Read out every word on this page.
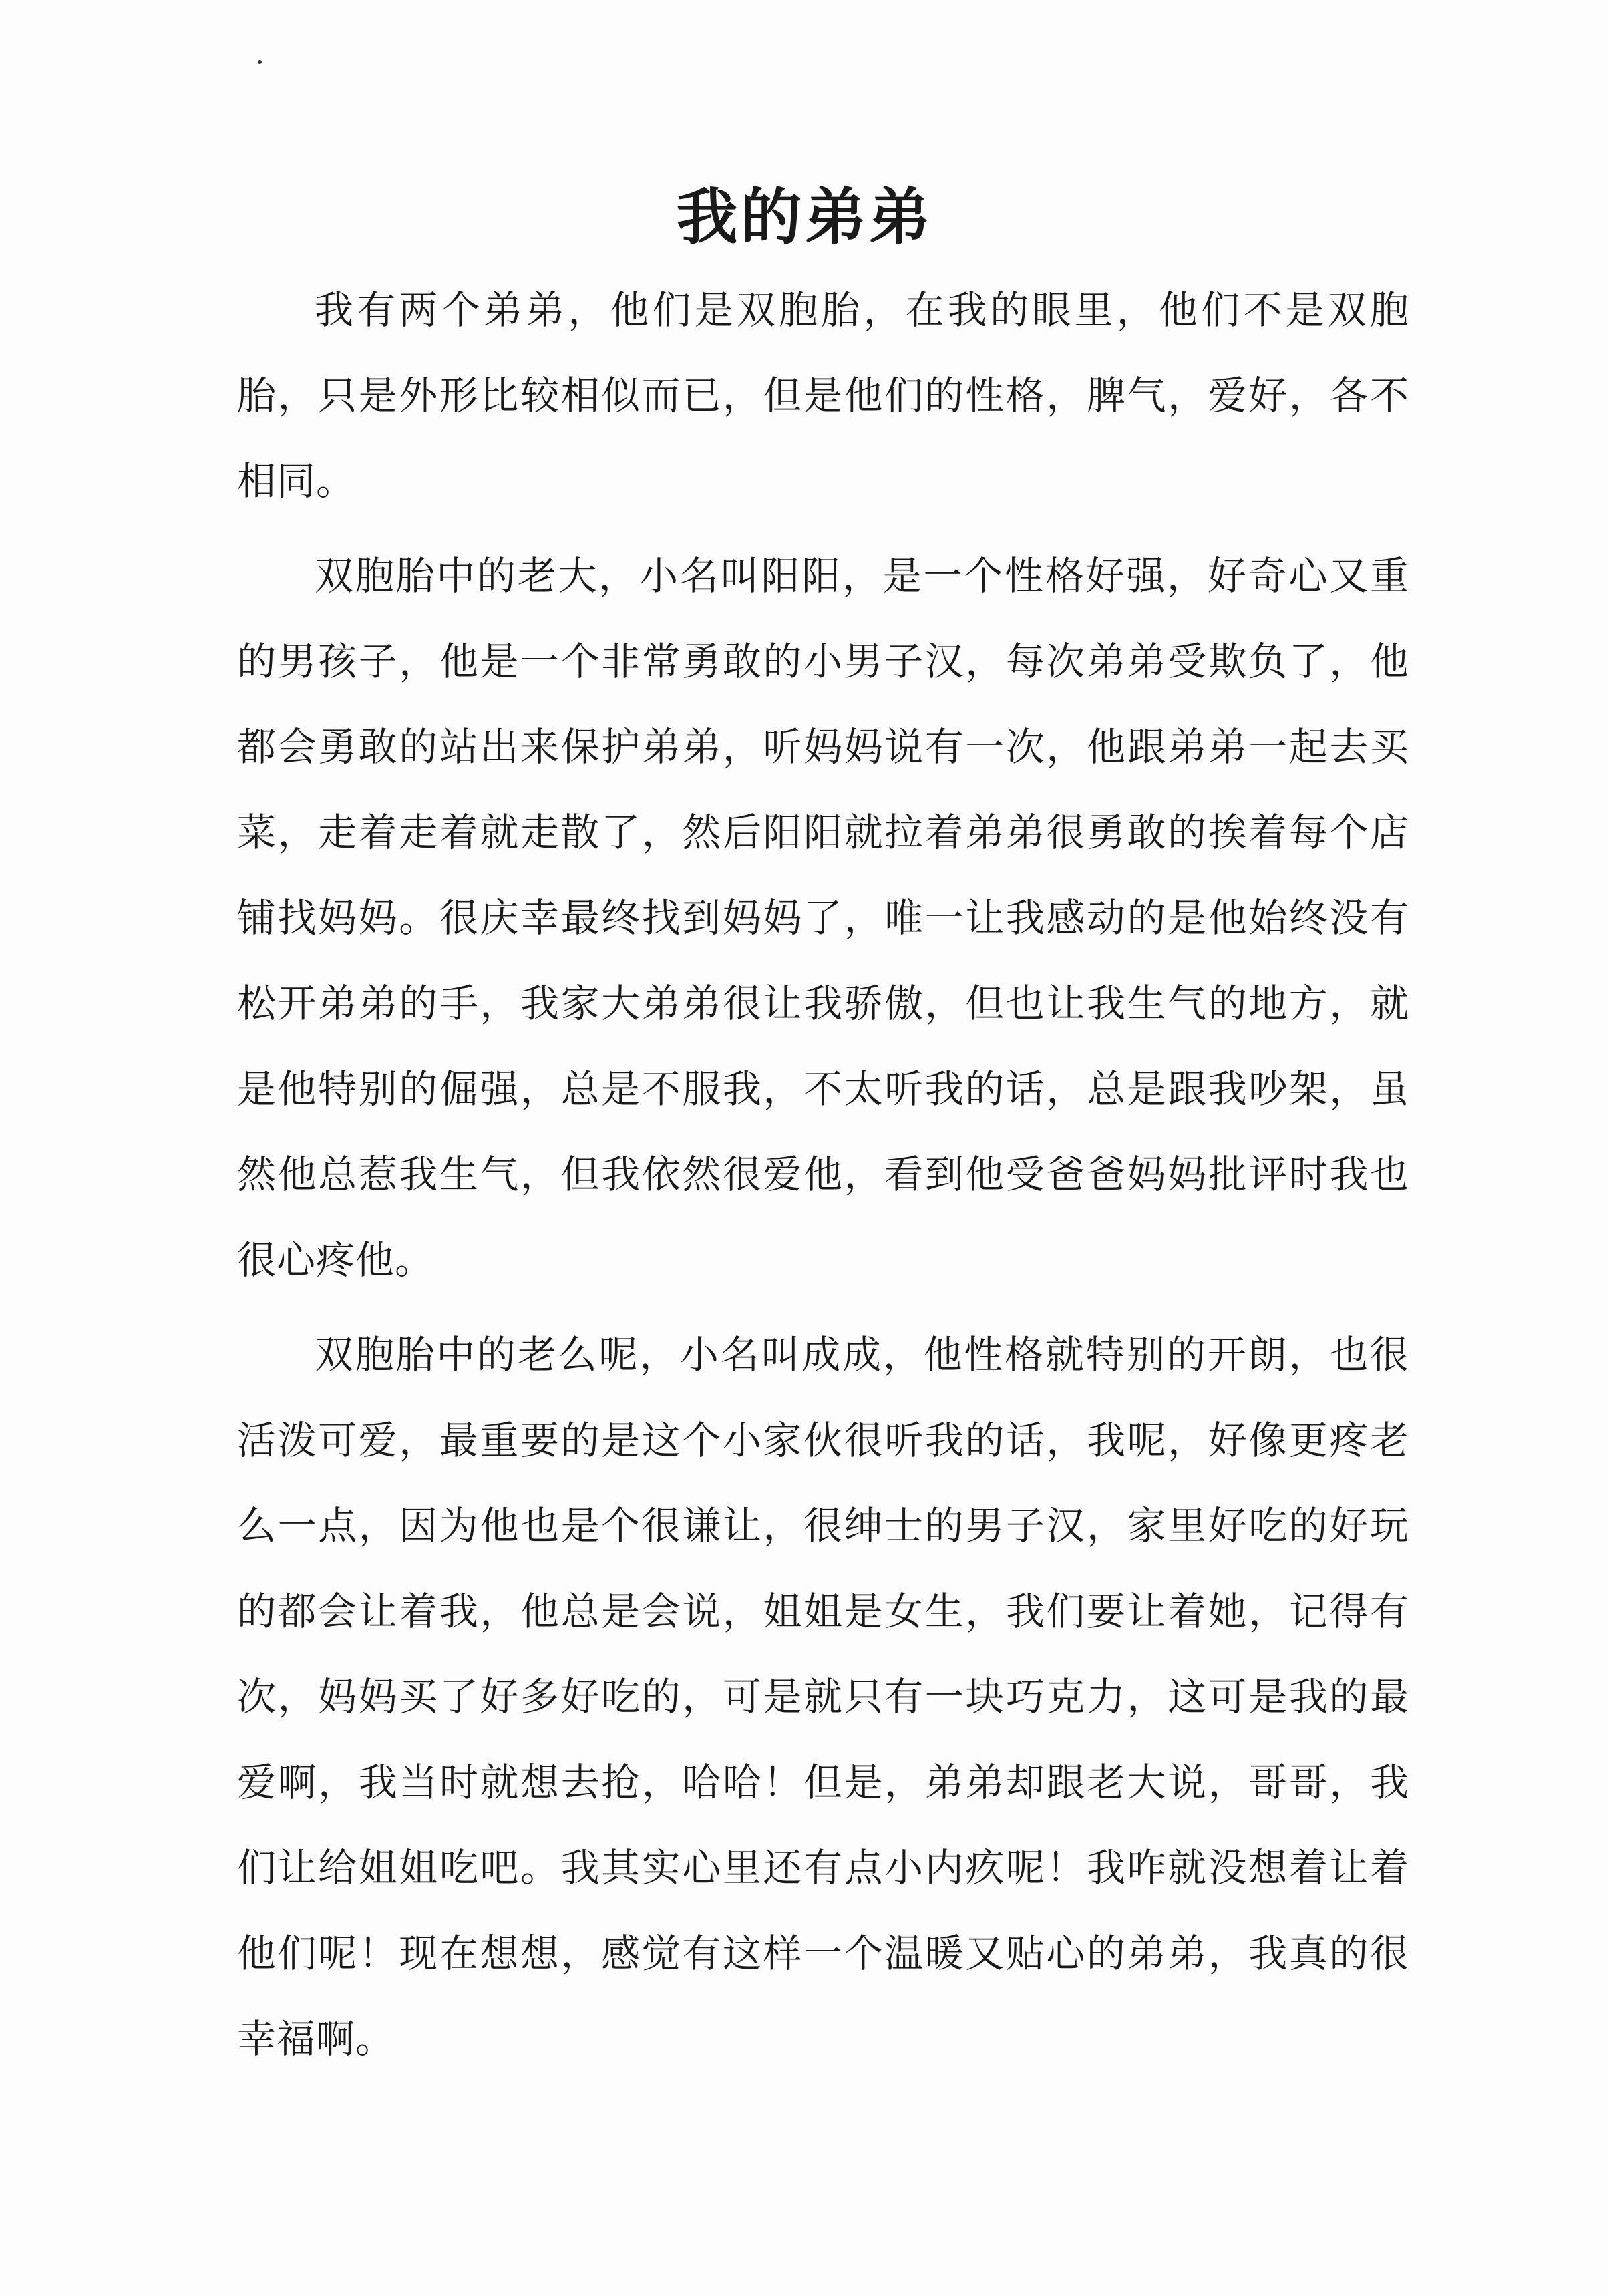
我的弟弟

我有两个弟弟，他们是双胞胎，在我的眼里，他们不是双胞胎，只是外形比较相似而已，但是他们的性格，脾气，爱好，各不相同。

双胞胎中的老大，小名叫阳阳，是一个性格好强，好奇心又重的男孩子，他是一个非常勇敢的小男子汉，每次弟弟受欺负了，他都会勇敢的站出来保护弟弟，听妈妈说有一次，他跟弟弟一起去买菜，走着走着就走散了，然后阳阳就拉着弟弟很勇敢的挨着每个店铺找妈妈。很庆幸最终找到妈妈了，唯一让我感动的是他始终没有松开弟弟的手，我家大弟弟很让我骄傲，但也让我生气的地方，就是他特别的倔强，总是不服我，不太听我的话，总是跟我吵架，虽然他总惹我生气，但我依然很爱他，看到他受爸爸妈妈批评时我也很心疼他。

双胞胎中的老么呢，小名叫成成，他性格就特别的开朗，也很活泼可爱，最重要的是这个小家伙很听我的话，我呢，好像更疼老么一点，因为他也是个很谦让，很绅士的男子汉，家里好吃的好玩的都会让着我，他总是会说，姐姐是女生，我们要让着她，记得有次，妈妈买了好多好吃的，可是就只有一块巧克力，这可是我的最爱啊，我当时就想去抢，哈哈！但是，弟弟却跟老大说，哥哥，我们让给姐姐吃吧。我其实心里还有点小内疚呢！我咋就没想着让着他们呢！现在想想，感觉有这样一个温暖又贴心的弟弟，我真的很幸福啊。
